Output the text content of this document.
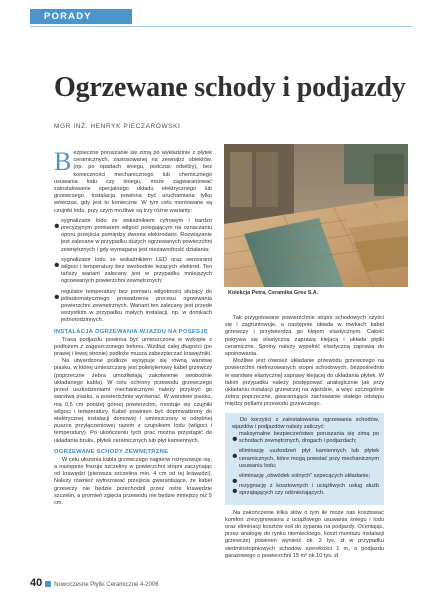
PORADY
Ogrzewane schody i podjazdy
MGR INŻ. HENRYK PIECZAROWSKI

Bezpieczne poruszanie się zimą po wykładzinie z płytek ceramicznych, zastosowanej na zewnątrz obiektów, (np. po opadach śniegu, podczas odwilży), bez konieczności mechanicznego lub chemicznego usuwania lodu czy śniegu, może zagwarantować zainstalowanie specjalnego układu elektrycznego lub grzewczego. Instalacja powinna być uruchamiana tylko wówczas, gdy jest to konieczne. W tym celu montowane są czujniki lodu, przy czym możliwe są trzy różne warianty:

• sygnalizator lodu ze wskaźnikiem cyfrowym i bardzo precyzyjnym pomiarem wilgoci polegającym na oznaczaniu oporu przejścia pomiędzy dwoma elektrodami. Rozwiązanie jest zalecane w przypadku dużych ogrzewanych powierzchni zewnętrznych i gdy wymagana jest niezawodność działania;

• sygnalizator lodu ze wskaźnikiem LED oraz sensorami wilgoci i temperatury bez swobodnie leżących elektrod. Ten tańszy wariant zalecany jest w przypadku mniejszych ogrzewanych powierzchni zewnętrznych;

• regulator temperatury bez pomiaru wilgotności służący do półautomatycznego prowadzenia procesu ogrzewania powierzchni zewnętrznych. Wariant ten zalecany jest przede wszystkim w przypadku małych instalacji, np. w domkach jednorodzinnych.

INSTALACJA OGRZEWANIA WJAZDU NA POSESJĘ

Trasa podjazdu powinna być umieszczona w wykopie z podłożem z zagęszczonego betonu. Wzdłuż całej długości (po prawej i lewej stronie) podłoże musza zabezpieczać krawężniki.

Na utwardzone podłoże wysypuje się równą warstwę piasku, w której umieszczany jest polietylenowy kabel grzewczy (poprzeczne żebra umożliwiają zakotwienie swobodnie układanego kabla). W celu ochrony przewodu grzewczego przed uszkodzeniami mechanicznymi należy przykryć go warstwą piasku, a powierzchnię wyrównać. W warstwie piasku, ma 0,5 cm poniżej górnej powierzchni, montuje się czujniki wilgoci i temperatury. Kabel powinien być doprowadzony do elektrycznej instalacji domowej i umieszczony w odrębnej puszce przyłączeniowej razem z czujnikiem lodu (wilgoci i temperatury). Po ukończeniu tych prac można przystąpić do układania bruku, płytek ceramicznych lub płyt kamiennych.

OGRZEWANE SCHODY ZEWNĘTRZNE

W celu ułożenia kabla grzewczego najpierw rozrysowuje się, a następnie frezuje szczeliny w powierzchni stopni zaczynając od krawędzi (pierwsza szczelina min. 4 cm od tej krawędzi). Należy również wyfrezować przejścia gwarantujące, że kabel grzewczy nie będzie przechodził przez ostre krawędzie szczelin, a promień zgięcia przewodu nie będzie mniejszy niż 5 cm.

Kolekcja Petra, Ceramika Gres S.A.

Tak przygotowane powierzchnie stopni schodowych czyści się i zagruntowuje, a następnie układa w rowkach kabel grzewczy i przytwierdza go klejem elastycznym. Całość pokrywa się elastyczną zaprawą klejącą i układa płytki ceramiczne. Spoiny należy wypełnić elastyczną zaprawą do spoinowania.

Możliwe jest również układanie przewodu grzewczego na powierzchni niefrezowanych stopni schodowych, bezpośrednio w warstwie elastycznej zaprawy klejącej do układania płytek. W takim przypadku należy postępować analogicznie jak przy układaniu instalacji grzewczej na wjeździe, a więc szczególnie zebra poprzeczne, gwarantujące zachowanie stałego odstępu między pętlami przewodu grzewczego.

Do korzyści z zainstalowania ogrzewania schodów, wjazdów i podjazdów należy zaliczyć:

• maksymalne bezpieczeństwo poruszania się zimą po schodach zewnętrznych, drogach i podjazdach;

• eliminację uszkodzeń płyt kamiennych lub płytek ceramicznych, które mogą powstać przy mechanicznym usuwaniu lodu;

• eliminację „obwódek solnych" szpecących układanie;

• rezygnację z kosztownych i uciążliwych usług służb sprzątających czy odśnieżających.

Na zakończenie kilka słów o tym ile może nas kosztować komfort zrezygnowania z uciążliwego usuwania śniegu i lodu oraz eliminacji kosztów soli do sypania na podjazdy. Oceniając, przez analogię do rynku niemieckiego, koszt montażu instalacji grzewczej powinien wynieść ok. 2 tys. zł w przypadku siedmiostopniowych schodów szerokości 1 m, a podjazdu garażowego o powierzchni 15 m² ok.10 tys. zł.

40 Nowoczesne Płytki Ceramiczne 4-2006
